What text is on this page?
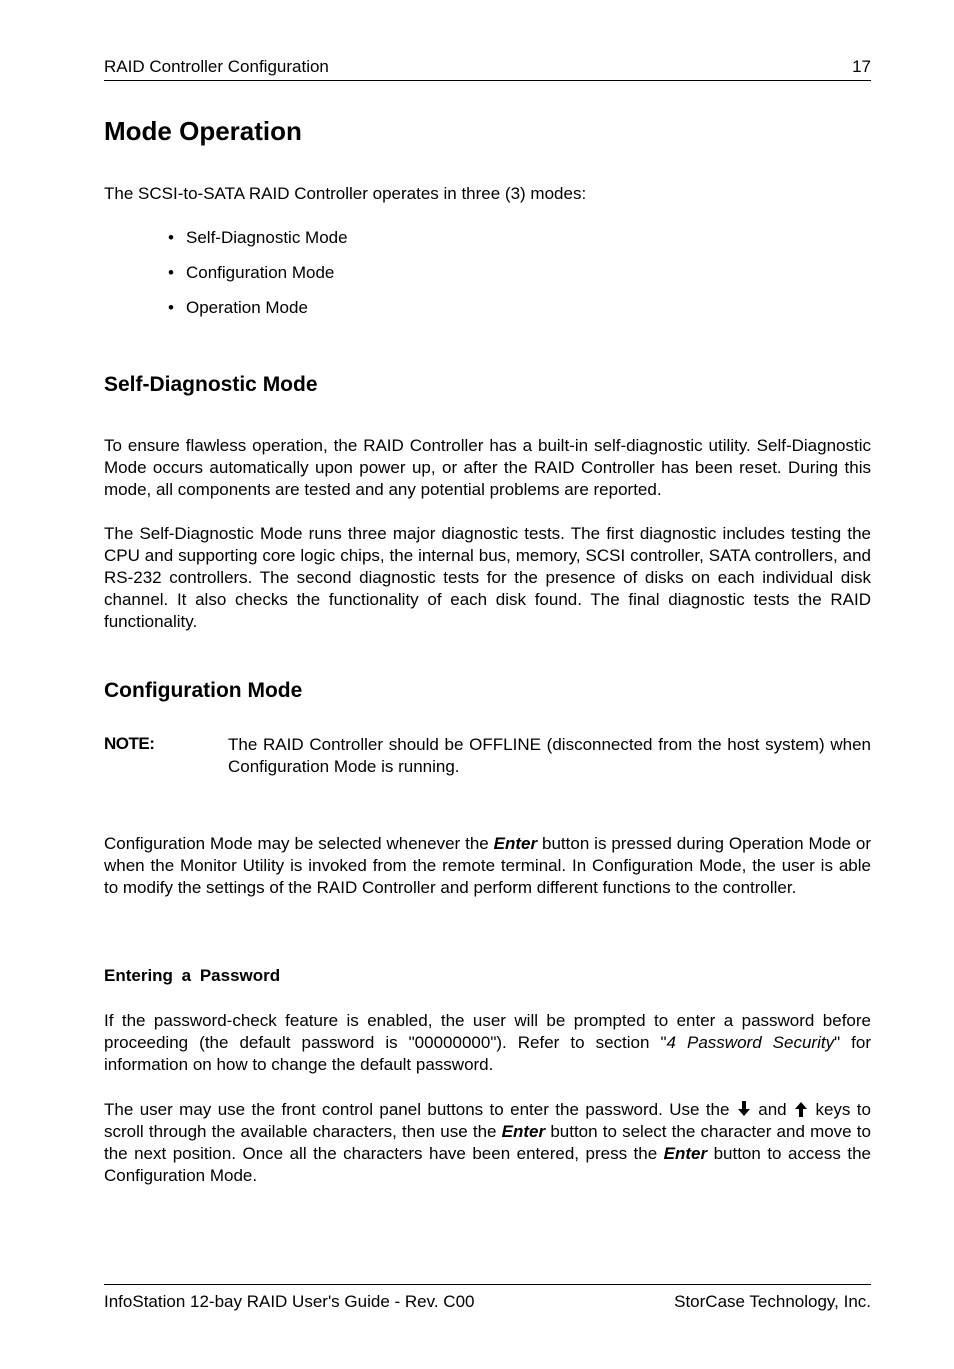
RAID Controller Configuration	17
Mode Operation

The SCSI-to-SATA RAID Controller operates in three (3) modes:

• Self-Diagnostic Mode
• Configuration Mode
• Operation Mode
Self-Diagnostic Mode

To ensure flawless operation, the RAID Controller has a built-in self-diagnostic utility. Self-Diagnostic Mode occurs automatically upon power up, or after the RAID Controller has been reset. During this mode, all components are tested and any potential problems are reported.

The Self-Diagnostic Mode runs three major diagnostic tests. The first diagnostic includes testing the CPU and supporting core logic chips, the internal bus, memory, SCSI controller, SATA controllers, and RS-232 controllers. The second diagnostic tests for the presence of disks on each individual disk channel. It also checks the functionality of each disk found. The final diagnostic tests the RAID functionality.

Configuration Mode
NOTE:	The RAID Controller should be OFFLINE (disconnected from the host system) when Configuration Mode is running.

Configuration Mode may be selected whenever the Enter button is pressed during Operation Mode or when the Monitor Utility is invoked from the remote terminal. In Configuration Mode, the user is able to modify the settings of the RAID Controller and perform different functions to the controller.

Entering a Password

If the password-check feature is enabled, the user will be prompted to enter a password before proceeding (the default password is "00000000"). Refer to section "4 Password Security" for information on how to change the default password.

The user may use the front control panel buttons to enter the password. Use the  and  keys to scroll through the available characters, then use the Enter button to select the character and move to the next position. Once all the characters have been entered, press the Enter button to access the Configuration Mode.

InfoStation 12-bay RAID User's Guide - Rev. C00	StorCase Technology, Inc.
